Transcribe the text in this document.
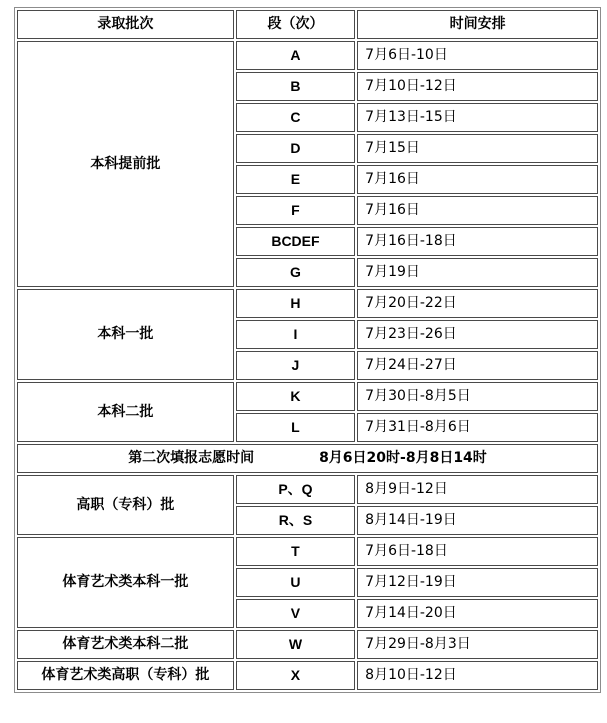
录取批次	段（次）	时间安排
本科提前批	A	7月6日-10日
	B	7月10日-12日
	C	7月13日-15日
	D	7月15日
	E	7月16日
	F	7月16日
	BCDEF	7月16日-18日
	G	7月19日
本科一批	H	7月20日-22日
	I	7月23日-26日
	J	7月24日-27日
本科二批	K	7月30日-8月5日
	L	7月31日-8月6日
第二次填报志愿时间 8月6日20时-8月8日14时		
高职（专科）批	P、Q	8月9日-12日
	R、S	8月14日-19日
体育艺术类本科一批	T	7月6日-18日
	U	7月12日-19日
	V	7月14日-20日
体育艺术类本科二批	W	7月29日-8月3日
体育艺术类高职（专科）批	X	8月10日-12日
